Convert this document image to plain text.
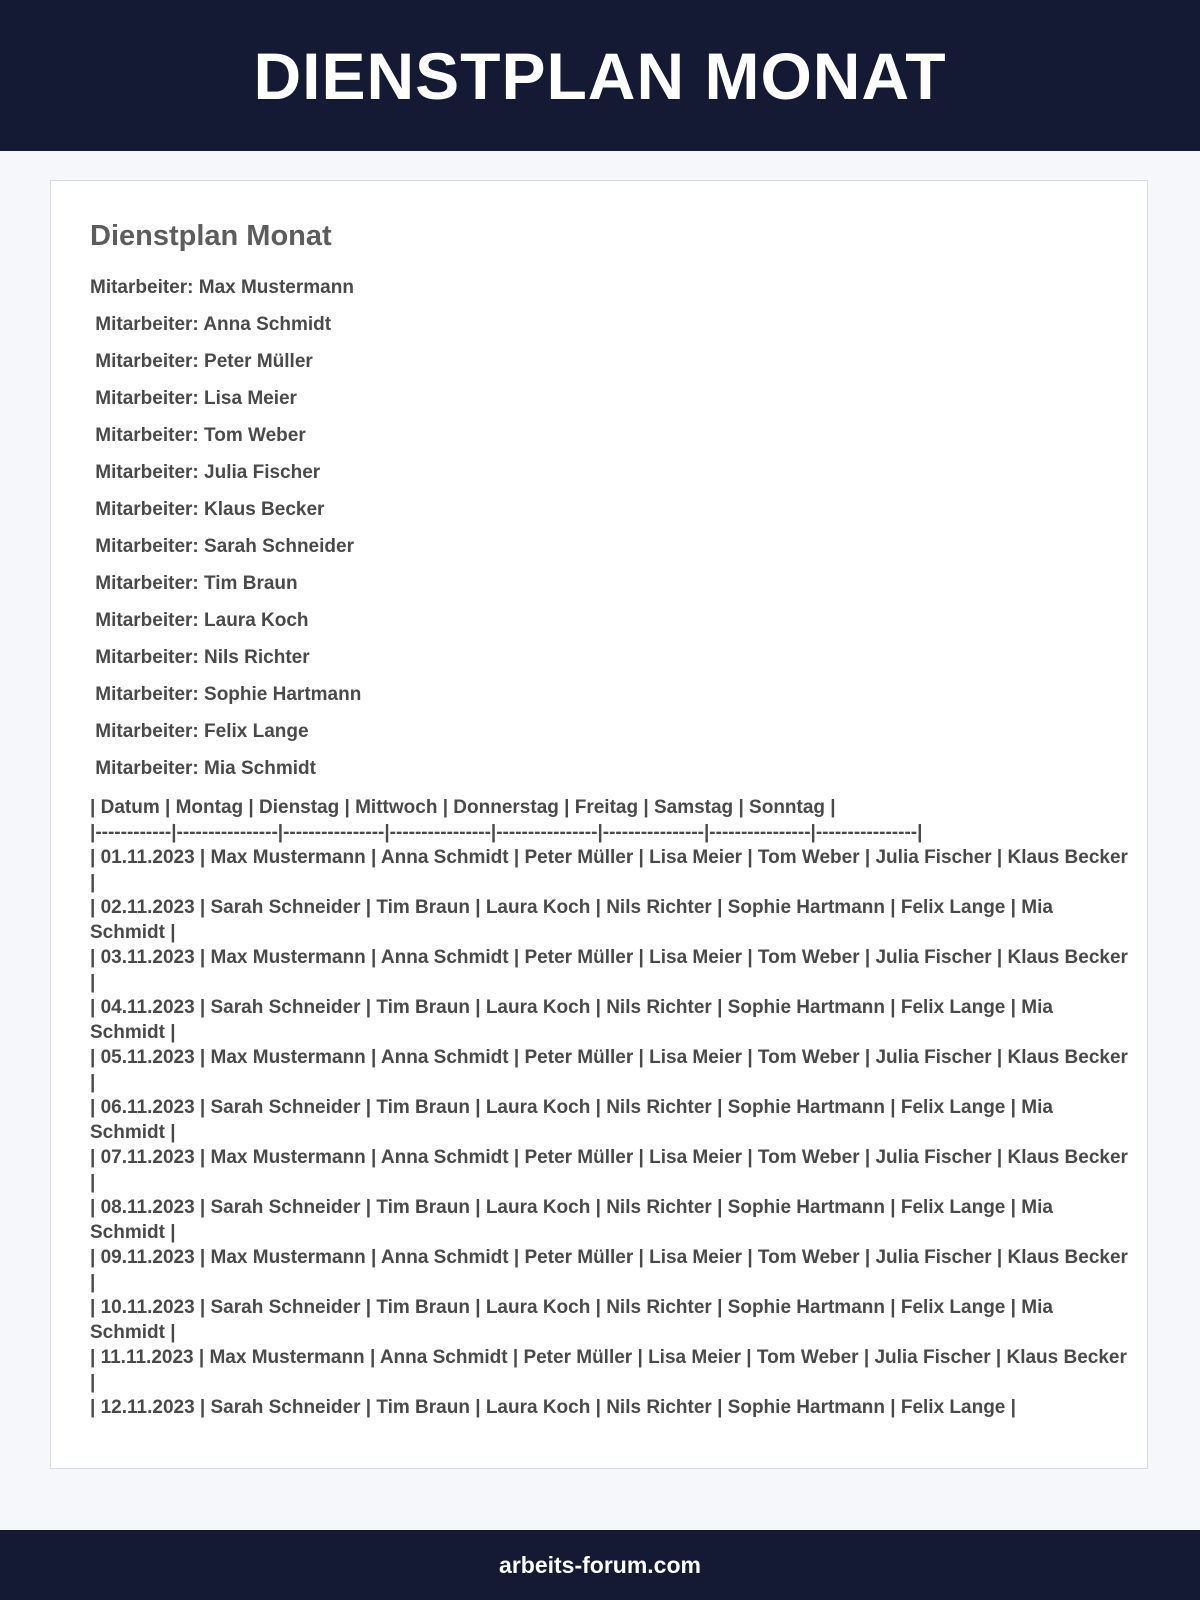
DIENSTPLAN MONAT
Dienstplan Monat
Mitarbeiter: Max Mustermann
Mitarbeiter: Anna Schmidt
Mitarbeiter: Peter Müller
Mitarbeiter: Lisa Meier
Mitarbeiter: Tom Weber
Mitarbeiter: Julia Fischer
Mitarbeiter: Klaus Becker
Mitarbeiter: Sarah Schneider
Mitarbeiter: Tim Braun
Mitarbeiter: Laura Koch
Mitarbeiter: Nils Richter
Mitarbeiter: Sophie Hartmann
Mitarbeiter: Felix Lange
Mitarbeiter: Mia Schmidt
| Datum | Montag | Dienstag | Mittwoch | Donnerstag | Freitag | Samstag | Sonntag |
|------------|----------------|----------------|----------------|----------------|----------------|----------------|----------------|
| 01.11.2023 | Max Mustermann | Anna Schmidt | Peter Müller | Lisa Meier | Tom Weber | Julia Fischer | Klaus Becker |
| 02.11.2023 | Sarah Schneider | Tim Braun | Laura Koch | Nils Richter | Sophie Hartmann | Felix Lange | Mia Schmidt |
| 03.11.2023 | Max Mustermann | Anna Schmidt | Peter Müller | Lisa Meier | Tom Weber | Julia Fischer | Klaus Becker |
| 04.11.2023 | Sarah Schneider | Tim Braun | Laura Koch | Nils Richter | Sophie Hartmann | Felix Lange | Mia Schmidt |
| 05.11.2023 | Max Mustermann | Anna Schmidt | Peter Müller | Lisa Meier | Tom Weber | Julia Fischer | Klaus Becker |
| 06.11.2023 | Sarah Schneider | Tim Braun | Laura Koch | Nils Richter | Sophie Hartmann | Felix Lange | Mia Schmidt |
| 07.11.2023 | Max Mustermann | Anna Schmidt | Peter Müller | Lisa Meier | Tom Weber | Julia Fischer | Klaus Becker |
| 08.11.2023 | Sarah Schneider | Tim Braun | Laura Koch | Nils Richter | Sophie Hartmann | Felix Lange | Mia Schmidt |
| 09.11.2023 | Max Mustermann | Anna Schmidt | Peter Müller | Lisa Meier | Tom Weber | Julia Fischer | Klaus Becker |
| 10.11.2023 | Sarah Schneider | Tim Braun | Laura Koch | Nils Richter | Sophie Hartmann | Felix Lange | Mia Schmidt |
| 11.11.2023 | Max Mustermann | Anna Schmidt | Peter Müller | Lisa Meier | Tom Weber | Julia Fischer | Klaus Becker |
| 12.11.2023 | Sarah Schneider | Tim Braun | Laura Koch | Nils Richter | Sophie Hartmann | Felix Lange |
arbeits-forum.com
